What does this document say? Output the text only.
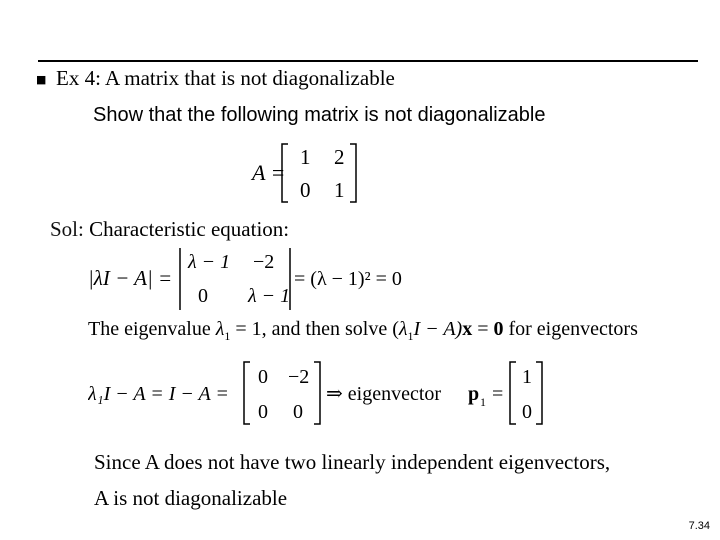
■ Ex 4: A matrix that is not diagonalizable
Show that the following matrix is not diagonalizable
A =
1 2
0 1
Sol: Characteristic equation:
|λI − A| =
λ − 1 −2
0 λ − 1
= (λ − 1)² = 0
The eigenvalue $\lambda_1 = 1$, and then solve $(\lambda_1I - A)x = 0$ for eigenvectors
λ₁I − A = I − A =
0 −2
0 0
⇒ eigenvector p 1 =
1
0
Since A does not have two linearly independent eigenvectors,
A is not diagonalizable
7.34
